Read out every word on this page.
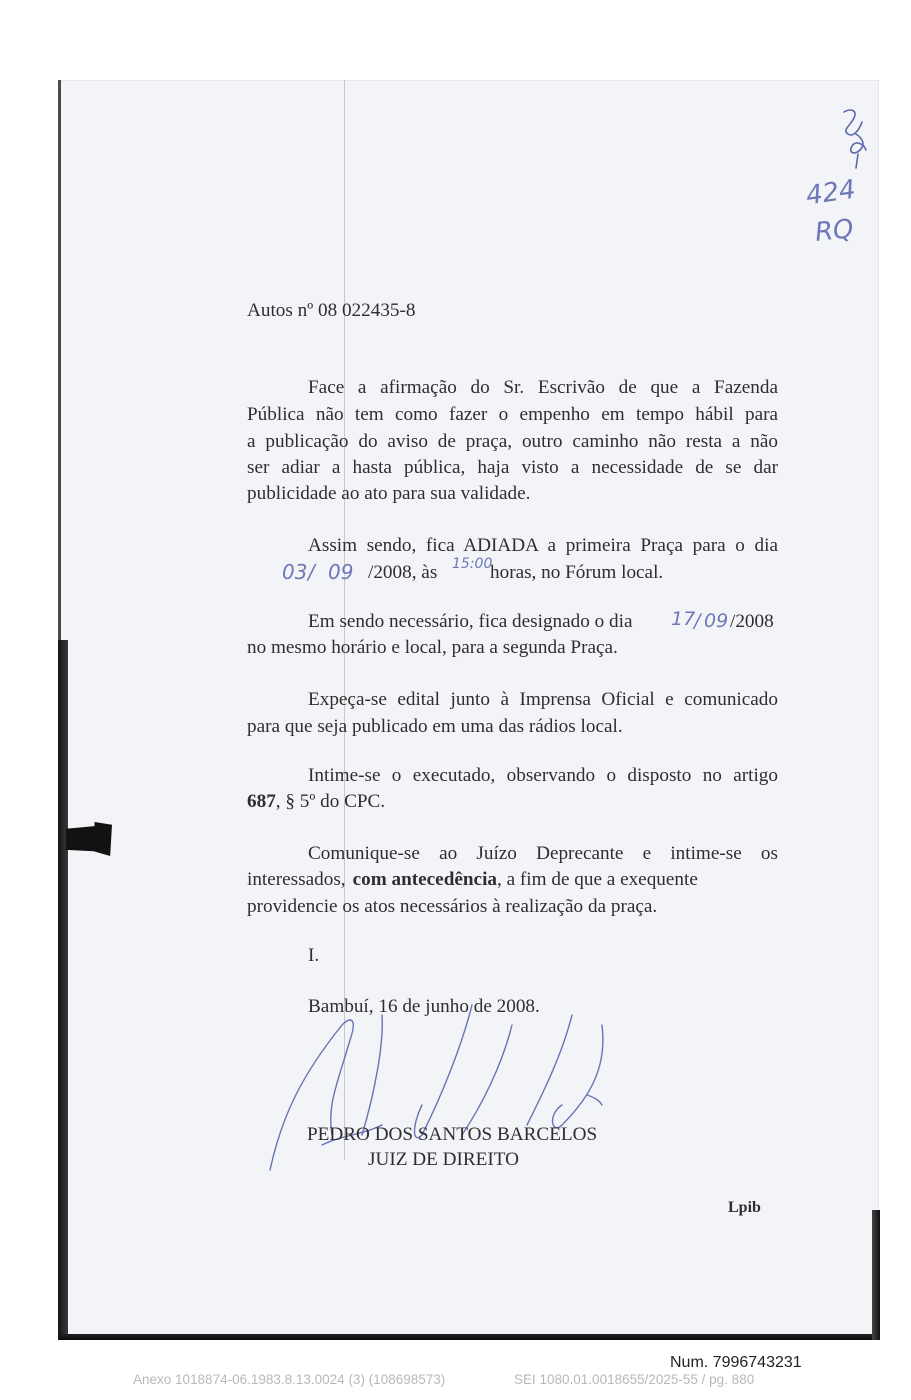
424
RQ
Autos nº 08 022435-8
Face a afirmação do Sr. Escrivão de que a Fazenda
Pública não tem como fazer o empenho em tempo hábil para
a publicação do aviso de praça, outro caminho não resta a não
ser adiar a hasta pública, haja visto a necessidade de se dar
publicidade ao ato para sua validade.
Assim sendo, fica ADIADA a primeira Praça para o dia
03 / 09 /2008, às 15:00
horas, no Fórum local.
Em sendo necessário, fica designado o dia 17
/ 09 /2008
no mesmo horário e local, para a segunda Praça.
Expeça-se edital junto à Imprensa Oficial e comunicado
para que seja publicado em uma das rádios local.
Intime-se o executado, observando o disposto no artigo
687, § 5º do CPC.
Comunique-se ao Juízo Deprecante e intime-se os
interessados, com antecedência, a fim de que a exequente
providencie os atos necessários à realização da praça.
I.
Bambuí, 16 de junho de 2008.
PEDRO DOS SANTOS BARCELOS
JUIZ DE DIREITO
Lpib
Num. 7996743231
Anexo 1018874-06.1983.8.13.0024 (3) (108698573)	SEI 1080.01.0018655/2025-55 / pg. 880
